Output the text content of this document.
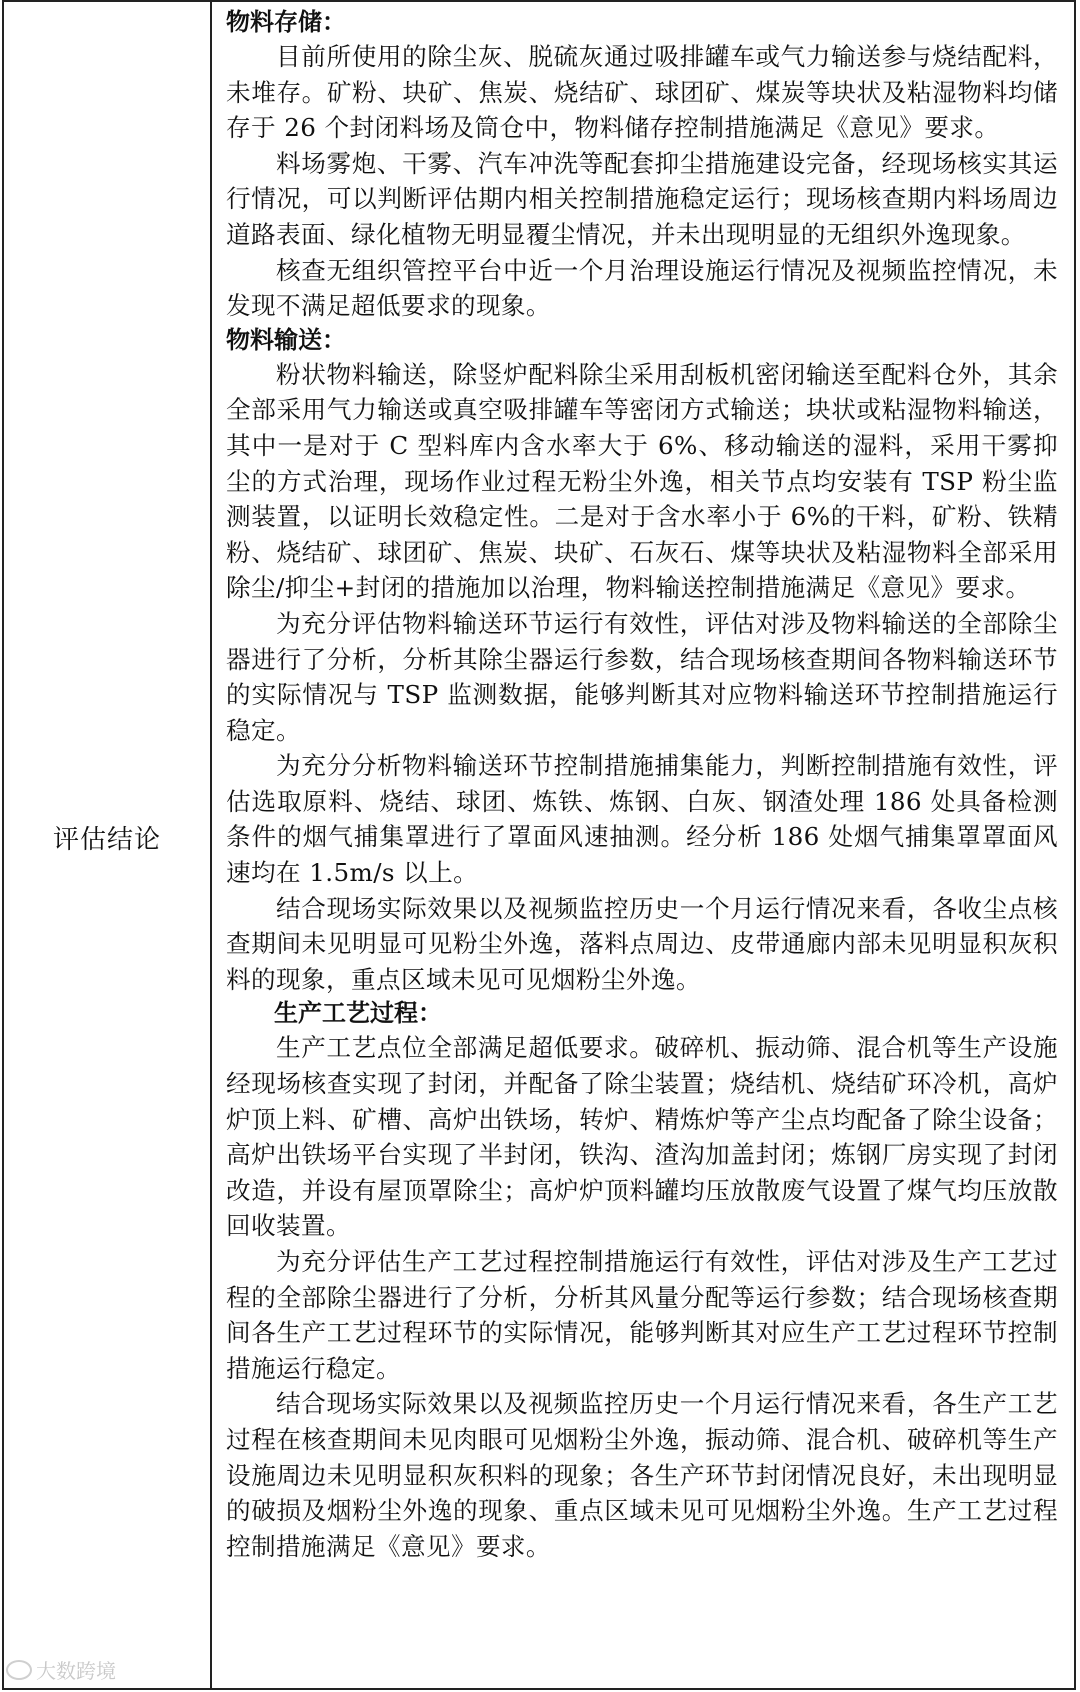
评估结论

物料存储：

目前所使用的除尘灰、脱硫灰通过吸排罐车或气力输送参与烧结配料，未堆存。矿粉、块矿、焦炭、烧结矿、球团矿、煤炭等块状及粘湿物料均储存于 26 个封闭料场及筒仓中，物料储存控制措施满足《意见》要求。

料场雾炮、干雾、汽车冲洗等配套抑尘措施建设完备，经现场核实其运行情况，可以判断评估期内相关控制措施稳定运行；现场核查期内料场周边道路表面、绿化植物无明显覆尘情况，并未出现明显的无组织外逸现象。

核查无组织管控平台中近一个月治理设施运行情况及视频监控情况，未发现不满足超低要求的现象。

物料输送：

粉状物料输送，除竖炉配料除尘采用刮板机密闭输送至配料仓外，其余全部采用气力输送或真空吸排罐车等密闭方式输送；块状或粘湿物料输送，其中一是对于 C 型料库内含水率大于 6%、移动输送的湿料，采用干雾抑尘的方式治理，现场作业过程无粉尘外逸，相关节点均安装有 TSP 粉尘监测装置，以证明长效稳定性。二是对于含水率小于 6%的干料，矿粉、铁精粉、烧结矿、球团矿、焦炭、块矿、石灰石、煤等块状及粘湿物料全部采用除尘/抑尘+封闭的措施加以治理，物料输送控制措施满足《意见》要求。

为充分评估物料输送环节运行有效性，评估对涉及物料输送的全部除尘器进行了分析，分析其除尘器运行参数，结合现场核查期间各物料输送环节的实际情况与 TSP 监测数据，能够判断其对应物料输送环节控制措施运行稳定。

为充分分析物料输送环节控制措施捕集能力，判断控制措施有效性，评估选取原料、烧结、球团、炼铁、炼钢、白灰、钢渣处理 186 处具备检测条件的烟气捕集罩进行了罩面风速抽测。经分析 186 处烟气捕集罩罩面风速均在 1.5m/s 以上。

结合现场实际效果以及视频监控历史一个月运行情况来看，各收尘点核查期间未见明显可见粉尘外逸，落料点周边、皮带通廊内部未见明显积灰积料的现象，重点区域未见可见烟粉尘外逸。

生产工艺过程：

生产工艺点位全部满足超低要求。破碎机、振动筛、混合机等生产设施经现场核查实现了封闭，并配备了除尘装置；烧结机、烧结矿环冷机，高炉炉顶上料、矿槽、高炉出铁场，转炉、精炼炉等产尘点均配备了除尘设备；高炉出铁场平台实现了半封闭，铁沟、渣沟加盖封闭；炼钢厂房实现了封闭改造，并设有屋顶罩除尘；高炉炉顶料罐均压放散废气设置了煤气均压放散回收装置。

为充分评估生产工艺过程控制措施运行有效性，评估对涉及生产工艺过程的全部除尘器进行了分析，分析其风量分配等运行参数；结合现场核查期间各生产工艺过程环节的实际情况，能够判断其对应生产工艺过程环节控制措施运行稳定。

结合现场实际效果以及视频监控历史一个月运行情况来看，各生产工艺过程在核查期间未见肉眼可见烟粉尘外逸，振动筛、混合机、破碎机等生产设施周边未见明显积灰积料的现象；各生产环节封闭情况良好，未出现明显的破损及烟粉尘外逸的现象、重点区域未见可见烟粉尘外逸。生产工艺过程控制措施满足《意见》要求。

大数跨境
